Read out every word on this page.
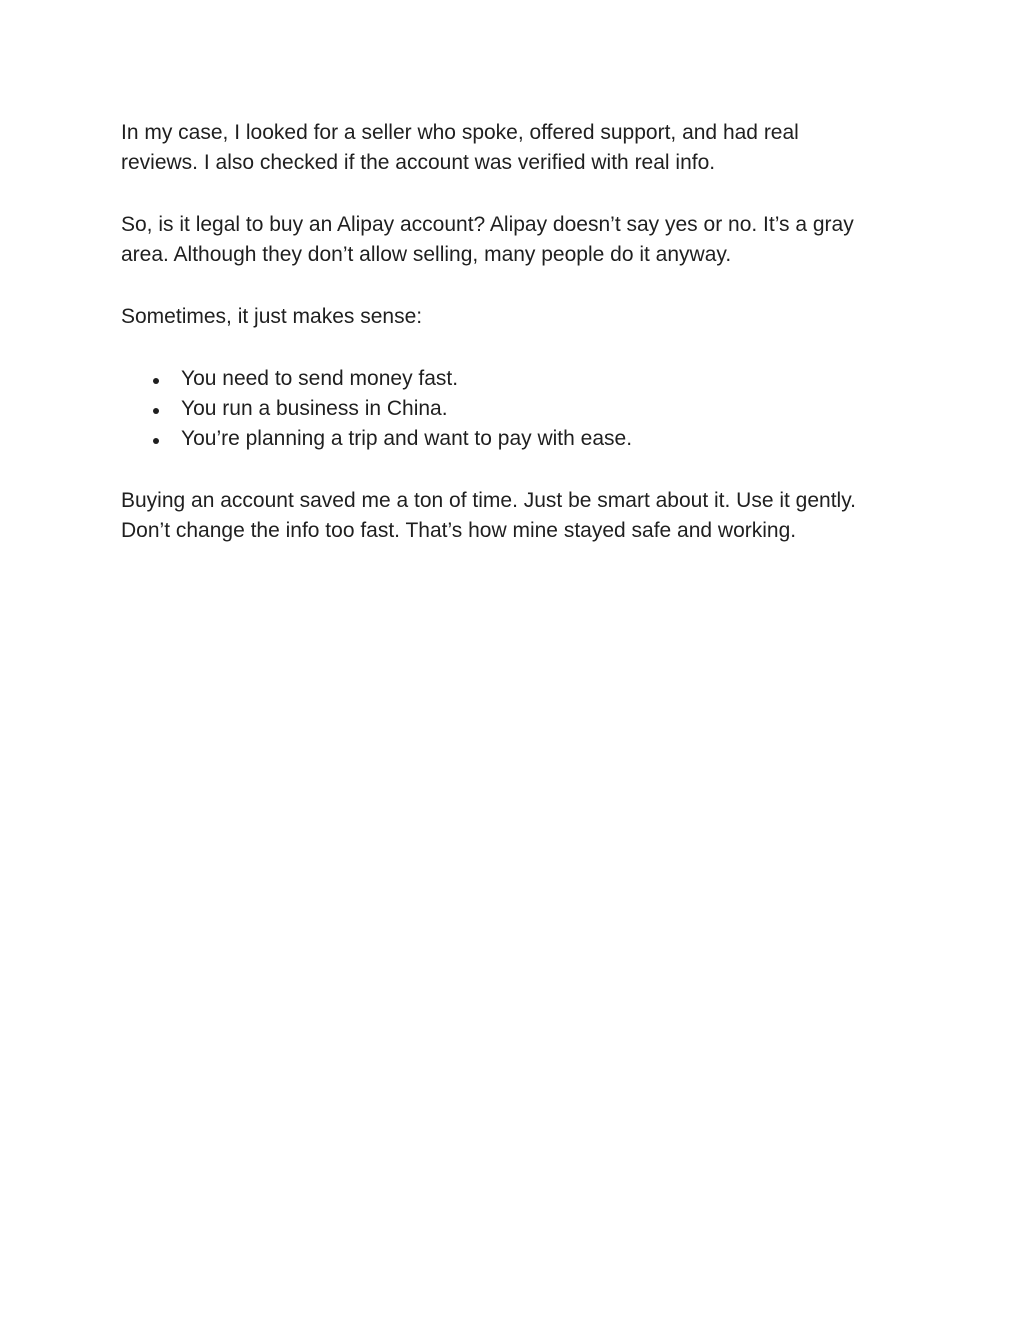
In my case, I looked for a seller who spoke, offered support, and had real reviews. I also checked if the account was verified with real info.

So, is it legal to buy an Alipay account? Alipay doesn’t say yes or no. It’s a gray area. Although they don’t allow selling, many people do it anyway.

Sometimes, it just makes sense:

You need to send money fast.
You run a business in China.
You’re planning a trip and want to pay with ease.

Buying an account saved me a ton of time. Just be smart about it. Use it gently. Don’t change the info too fast. That’s how mine stayed safe and working.
